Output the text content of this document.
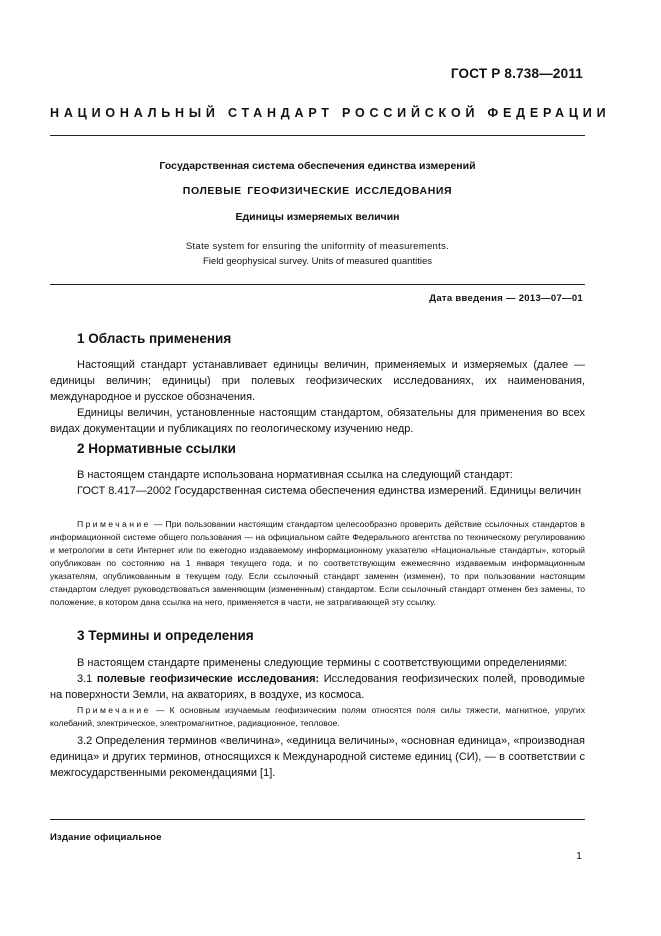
ГОСТ Р 8.738—2011
НАЦИОНАЛЬНЫЙ СТАНДАРТ РОССИЙСКОЙ ФЕДЕРАЦИИ
Государственная система обеспечения единства измерений
ПОЛЕВЫЕ ГЕОФИЗИЧЕСКИЕ ИССЛЕДОВАНИЯ
Единицы измеряемых величин
State system for ensuring the uniformity of measurements.
Field geophysical survey. Units of measured quantities
Дата введения — 2013—07—01
1 Область применения

Настоящий стандарт устанавливает единицы величин, применяемых и измеряемых (далее — единицы величин; единицы) при полевых геофизических исследованиях, их наименования, международное и русское обозначения.

Единицы величин, установленные настоящим стандартом, обязательны для применения во всех видах документации и публикациях по геологическому изучению недр.

2 Нормативные ссылки

В настоящем стандарте использована нормативная ссылка на следующий стандарт:

ГОСТ 8.417—2002 Государственная система обеспечения единства измерений. Единицы величин

Примечание — При пользовании настоящим стандартом целесообразно проверить действие ссылочных стандартов в информационной системе общего пользования — на официальном сайте Федерального агентства по техническому регулированию и метрологии в сети Интернет или по ежегодно издаваемому информационному указателю «Национальные стандарты», который опубликован по состоянию на 1 января текущего года, и по соответствующим ежемесячно издаваемым информационным указателям, опубликованным в текущем году. Если ссылочный стандарт заменен (изменен), то при пользовании настоящим стандартом следует руководствоваться заменяющим (измененным) стандартом. Если ссылочный стандарт отменен без замены, то положение, в котором дана ссылка на него, применяется в части, не затрагивающей эту ссылку.

3 Термины и определения

В настоящем стандарте применены следующие термины с соответствующими определениями:

3.1 полевые геофизические исследования: Исследования геофизических полей, проводимые на поверхности Земли, на акваториях, в воздухе, из космоса.

Примечание — К основным изучаемым геофизическим полям относятся поля силы тяжести, магнитное, упругих колебаний, электрическое, электромагнитное, радиационное, тепловое.

3.2 Определения терминов «величина», «единица величины», «основная единица», «производная единица» и других терминов, относящихся к Международной системе единиц (СИ), — в соответствии с межгосударственными рекомендациями [1].

Издание официальное
1
